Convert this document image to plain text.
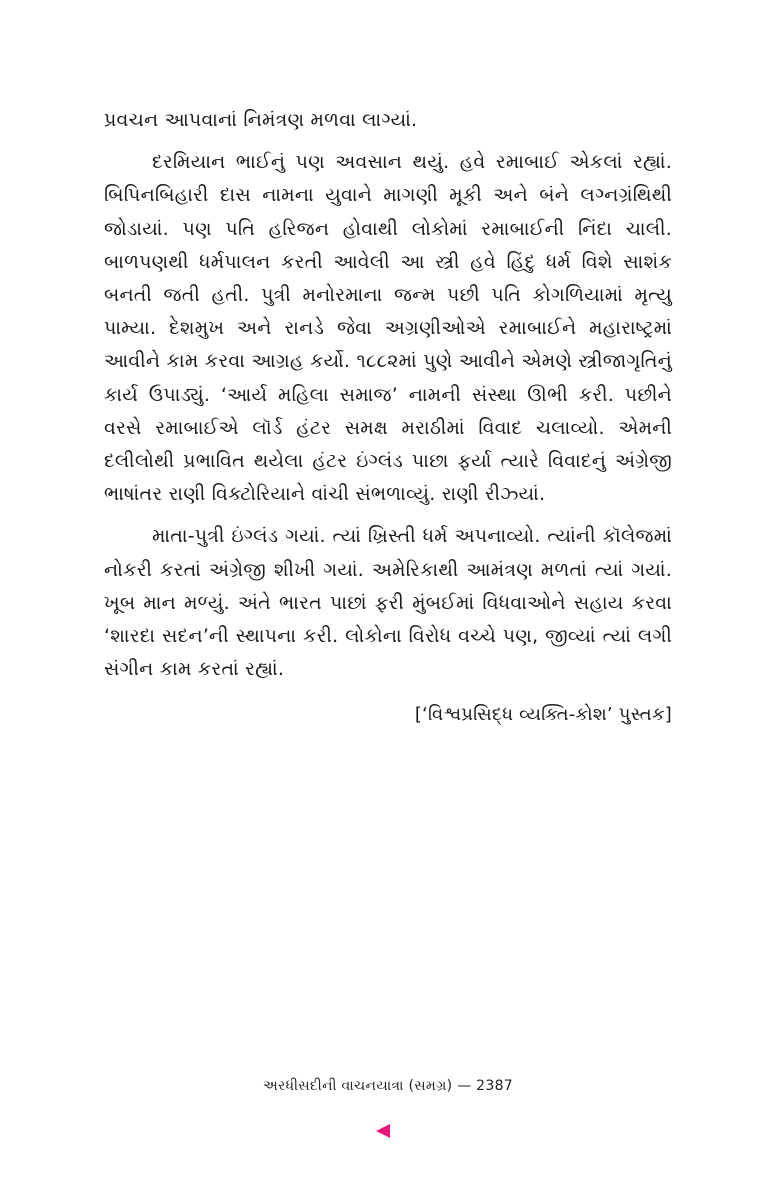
પ્રવચન આપવાનાં નિમંત્રણ મળવા લાગ્યાં.

દરમિયાન ભાઈનું પણ અવસાન થયું. હવે રમાબાઈ એકલાં રહ્યાં. બિપિનબિહારી દાસ નામના યુવાને માગણી મૂકી અને બંને લગ્નગ્રંથિથી જોડાયાં. પણ પતિ હરિજન હોવાથી લોકોમાં રમાબાઈની નિંદા ચાલી. બાળપણથી ધર્મપાલન કરતી આવેલી આ સ્ત્રી હવે હિંદુ ધર્મ વિશે સાશંક બનતી જતી હતી. પુત્રી મનોરમાના જન્મ પછી પતિ કોગળિયામાં મૃત્યુ પામ્યા. દેશમુખ અને રાનડે જેવા અગ્રણીઓએ રમાબાઈને મહારાષ્ટ્રમાં આવીને કામ કરવા આગ્રહ કર્યો. ૧૮૮૨માં પુણે આવીને એમણે સ્ત્રીજાગૃતિનું કાર્ય ઉપાડ્યું. ‘આર્ય મહિલા સમાજ’ નામની સંસ્થા ઊભી કરી. પછીને વરસે રમાબાઈએ લૉર્ડ હંટર સમક્ષ મરાઠીમાં વિવાદ ચલાવ્યો. એમની દલીલોથી પ્રભાવિત થયેલા હંટર ઇંગ્લંડ પાછા ફર્યા ત્યારે વિવાદનું અંગ્રેજી ભાષાંતર રાણી વિક્ટોરિયાને વાંચી સંભળાવ્યું. રાણી રીઝ્યાં.

માતા-પુત્રી ઇંગ્લંડ ગયાં. ત્યાં ખ્રિસ્તી ધર્મ અપનાવ્યો. ત્યાંની કૉલેજમાં નોકરી કરતાં અંગ્રેજી શીખી ગયાં. અમેરિકાથી આમંત્રણ મળતાં ત્યાં ગયાં. ખૂબ માન મળ્યું. અંતે ભારત પાછાં ફરી મુંબઈમાં વિધવાઓને સહાય કરવા ‘શારદા સદન’ની સ્થાપના કરી. લોકોના વિરોધ વચ્ચે પણ, જીવ્યાં ત્યાં લગી સંગીન કામ કરતાં રહ્યાં.

[‘વિશ્વપ્રસિદ્ધ વ્યક્તિ-કોશ’ પુસ્તક]
અરધીસદીની વાચનયાત્રા (સમગ્ર) — 2387
